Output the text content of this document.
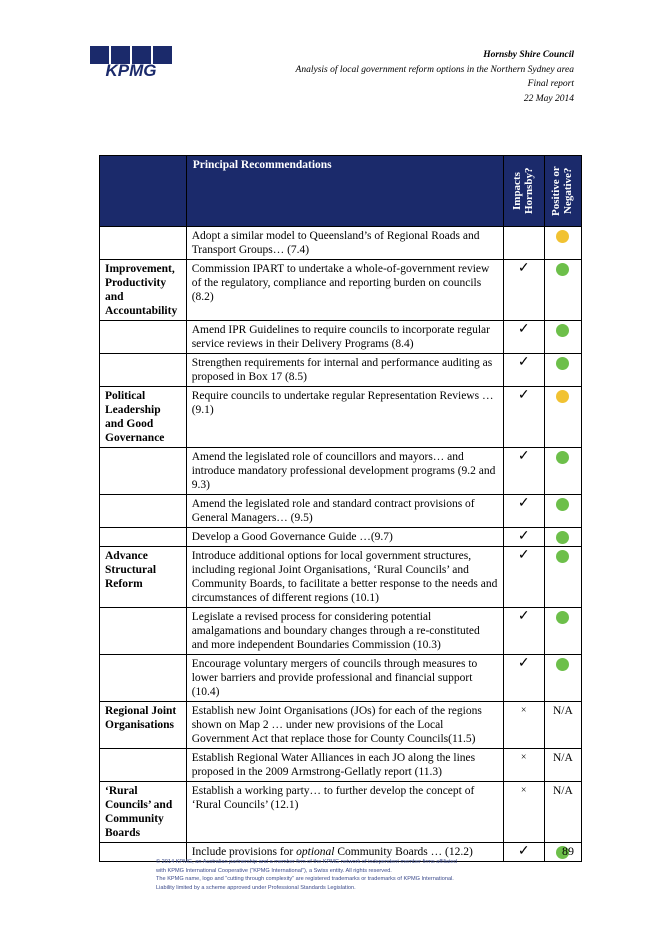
KPMG
Hornsby Shire Council
Analysis of local government reform options in the Northern Sydney area
Final report
22 May 2014
	Principal Recommendations	Impacts Hornsby?	Positive or Negative?

	Adopt a similar model to Queensland’s of Regional Roads and Transport Groups… (7.4)		
Improvement, Productivity and Accountability	Commission IPART to undertake a whole-of-government review of the regulatory, compliance and reporting burden on councils (8.2)	✓	
	Amend IPR Guidelines to require councils to incorporate regular service reviews in their Delivery Programs (8.4)	✓	
	Strengthen requirements for internal and performance auditing as proposed in Box 17 (8.5)	✓	
Political Leadership and Good Governance	Require councils to undertake regular Representation Reviews … (9.1)	✓	
	Amend the legislated role of councillors and mayors… and introduce mandatory professional development programs (9.2 and 9.3)	✓	
	Amend the legislated role and standard contract provisions of General Managers… (9.5)	✓	
	Develop a Good Governance Guide …(9.7)	✓	
Advance Structural Reform	Introduce additional options for local government structures, including regional Joint Organisations, ‘Rural Councils’ and Community Boards, to facilitate a better response to the needs and circumstances of different regions (10.1)	✓	
	Legislate a revised process for considering potential amalgamations and boundary changes through a re-constituted and more independent Boundaries Commission (10.3)	✓	
	Encourage voluntary mergers of councils through measures to lower barriers and provide professional and financial support (10.4)	✓	
Regional Joint Organisations	Establish new Joint Organisations (JOs) for each of the regions shown on Map 2 … under new provisions of the Local Government Act that replace those for County Councils(11.5)	×	N/A
	Establish Regional Water Alliances in each JO along the lines proposed in the 2009 Armstrong-Gellatly report (11.3)	×	N/A
‘Rural Councils’ and Community Boards	Establish a working party… to further develop the concept of ‘Rural Councils’ (12.1)	×	N/A
	Include provisions for optional Community Boards … (12.2)	✓		89
© 2014 KPMG, an Australian partnership and a member firm of the KPMG network of independent member firms affiliated
with KPMG International Cooperative (“KPMG International”), a Swiss entity. All rights reserved.
The KPMG name, logo and “cutting through complexity” are registered trademarks or trademarks of KPMG International.
Liability limited by a scheme approved under Professional Standards Legislation.
